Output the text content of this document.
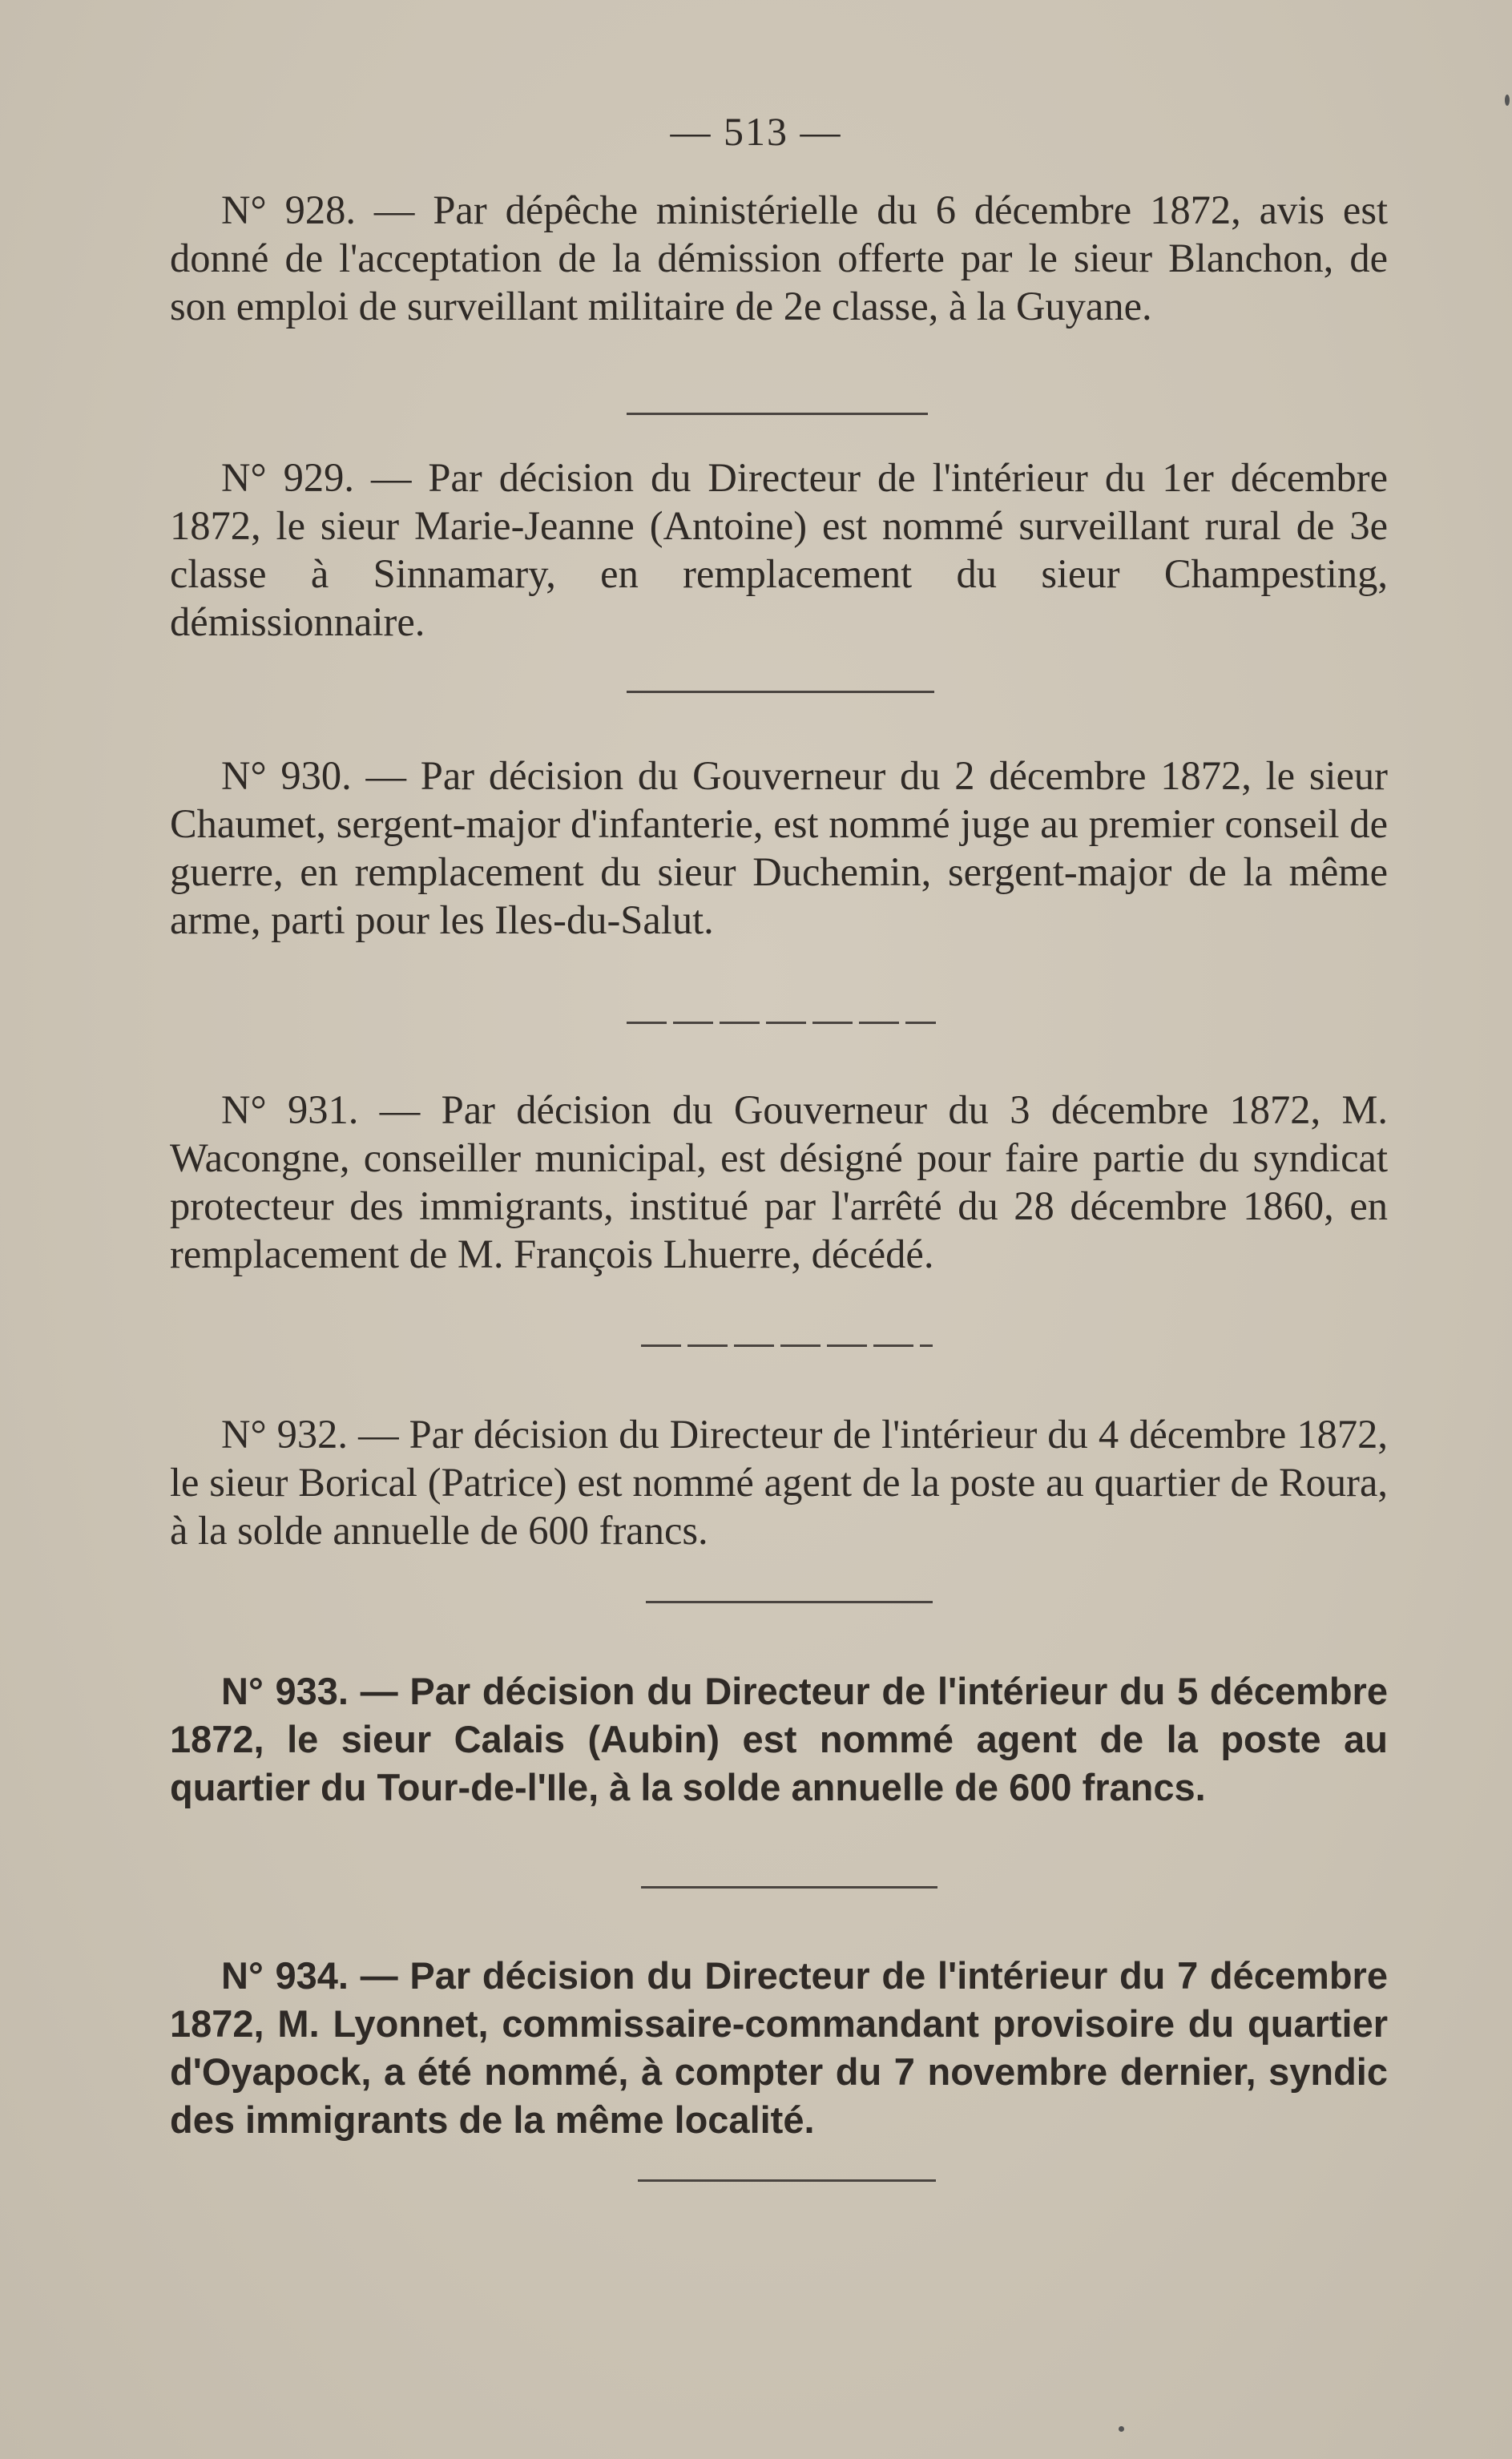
— 513 —

N° 928. — Par dépêche ministérielle du 6 décembre 1872, avis est donné de l'acceptation de la démission offerte par le sieur Blanchon, de son emploi de surveillant militaire de 2e classe, à la Guyane.

N° 929. — Par décision du Directeur de l'intérieur du 1er décembre 1872, le sieur Marie-Jeanne (Antoine) est nommé surveillant rural de 3e classe à Sinnamary, en remplacement du sieur Champesting, démissionnaire.

N° 930. — Par décision du Gouverneur du 2 décembre 1872, le sieur Chaumet, sergent-major d'infanterie, est nommé juge au premier conseil de guerre, en remplacement du sieur Duchemin, sergent-major de la même arme, parti pour les Iles-du-Salut.

N° 931. — Par décision du Gouverneur du 3 décembre 1872, M. Wacongne, conseiller municipal, est désigné pour faire partie du syndicat protecteur des immigrants, institué par l'arrêté du 28 décembre 1860, en remplacement de M. François Lhuerre, décédé.

N° 932. — Par décision du Directeur de l'intérieur du 4 décembre 1872, le sieur Borical (Patrice) est nommé agent de la poste au quartier de Roura, à la solde annuelle de 600 francs.

N° 933. — Par décision du Directeur de l'intérieur du 5 décembre 1872, le sieur Calais (Aubin) est nommé agent de la poste au quartier du Tour-de-l'Ile, à la solde annuelle de 600 francs.

N° 934. — Par décision du Directeur de l'intérieur du 7 décembre 1872, M. Lyonnet, commissaire-commandant provisoire du quartier d'Oyapock, a été nommé, à compter du 7 novembre dernier, syndic des immigrants de la même localité.
